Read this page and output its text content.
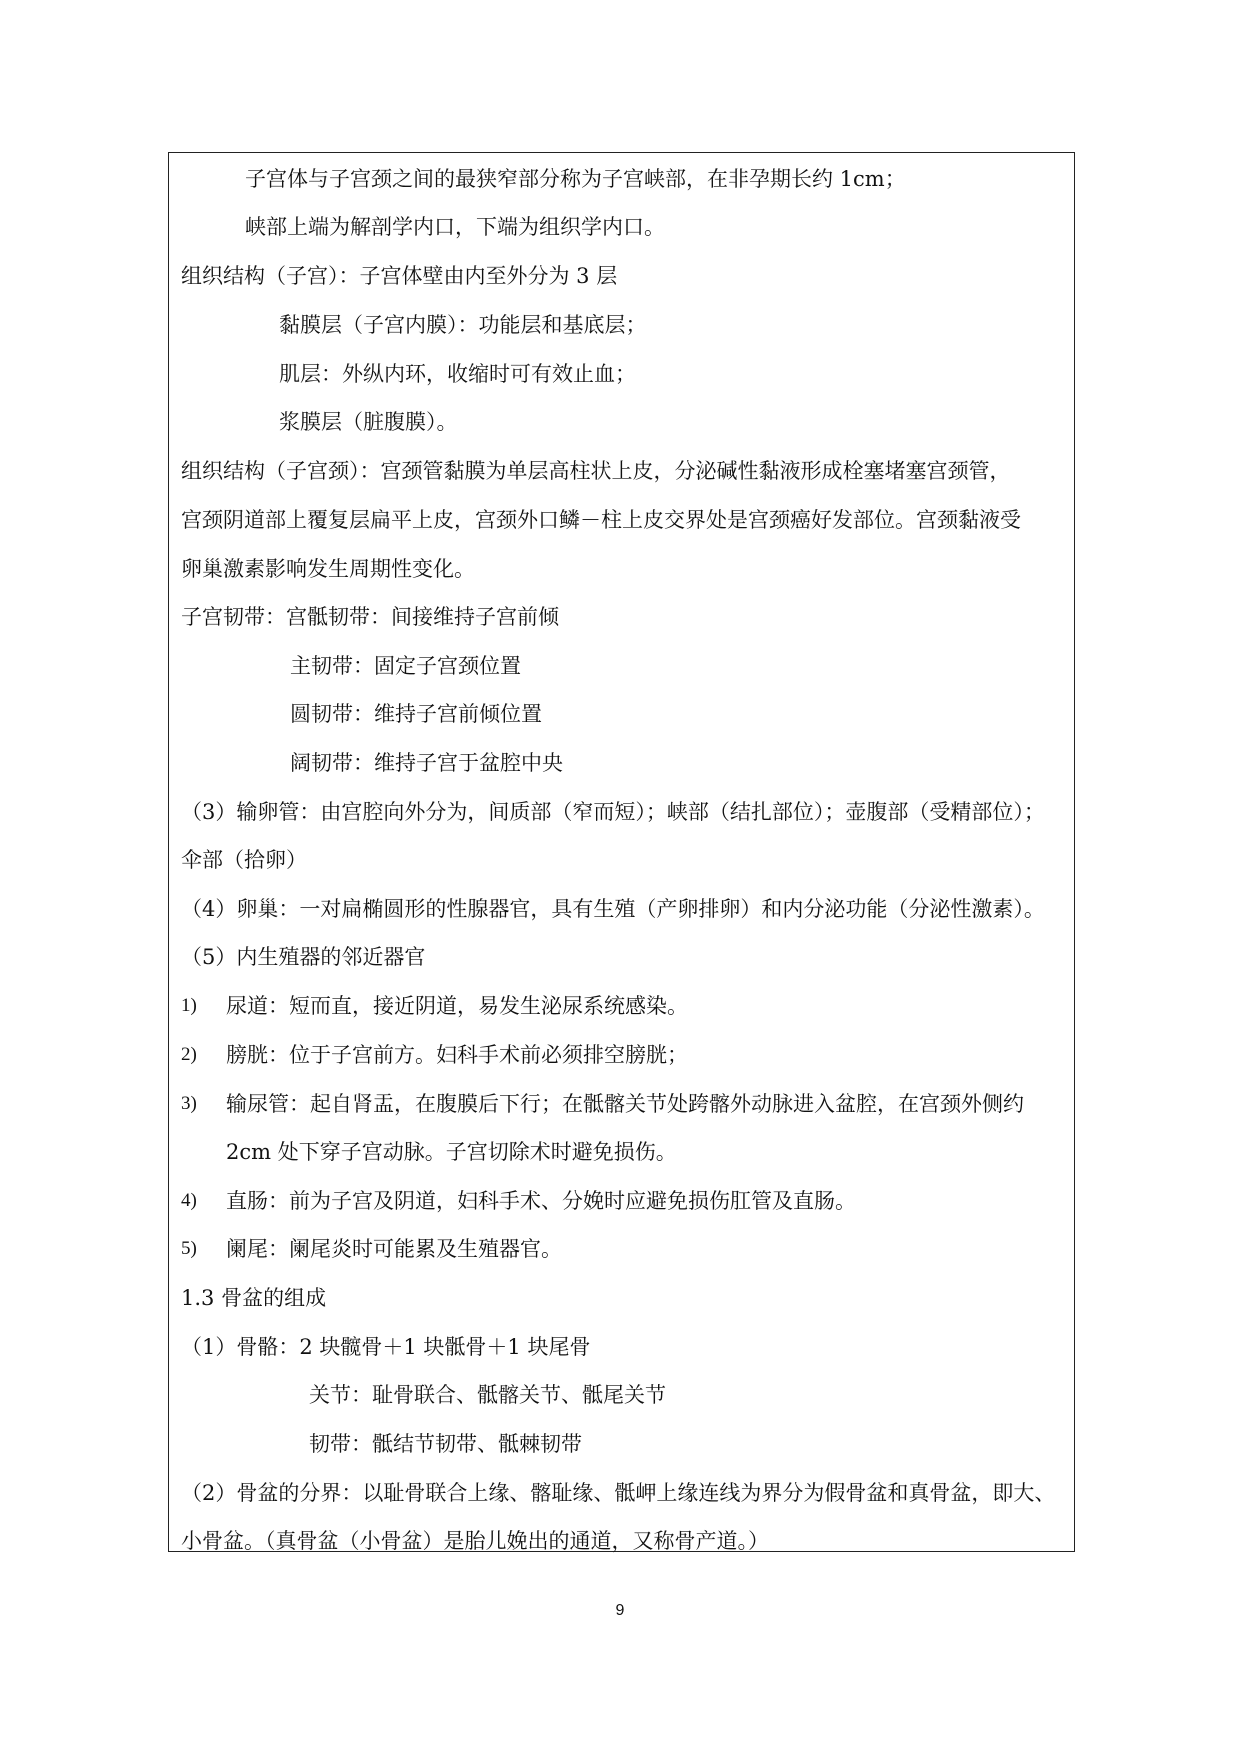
子宫体与子宫颈之间的最狭窄部分称为子宫峡部，在非孕期长约 1cm；
峡部上端为解剖学内口，下端为组织学内口。
组织结构（子宫）：子宫体壁由内至外分为 3 层
黏膜层（子宫内膜）：功能层和基底层；
肌层：外纵内环，收缩时可有效止血；
浆膜层（脏腹膜）。
组织结构（子宫颈）：宫颈管黏膜为单层高柱状上皮，分泌碱性黏液形成栓塞堵塞宫颈管，
宫颈阴道部上覆复层扁平上皮，宫颈外口鳞－柱上皮交界处是宫颈癌好发部位。宫颈黏液受
卵巢激素影响发生周期性变化。
子宫韧带：宫骶韧带：间接维持子宫前倾
主韧带：固定子宫颈位置
圆韧带：维持子宫前倾位置
阔韧带：维持子宫于盆腔中央
（3）输卵管：由宫腔向外分为，间质部（窄而短）；峡部（结扎部位）；壶腹部（受精部位）；
伞部（拾卵）
（4）卵巢：一对扁椭圆形的性腺器官，具有生殖（产卵排卵）和内分泌功能（分泌性激素）。
（5）内生殖器的邻近器官
1) 尿道：短而直，接近阴道，易发生泌尿系统感染。
2) 膀胱：位于子宫前方。妇科手术前必须排空膀胱；
3) 输尿管：起自肾盂，在腹膜后下行；在骶髂关节处跨髂外动脉进入盆腔，在宫颈外侧约
2cm 处下穿子宫动脉。子宫切除术时避免损伤。
4) 直肠：前为子宫及阴道，妇科手术、分娩时应避免损伤肛管及直肠。
5) 阑尾：阑尾炎时可能累及生殖器官。
1.3 骨盆的组成
（1）骨骼：2 块髋骨＋1 块骶骨＋1 块尾骨
关节：耻骨联合、骶髂关节、骶尾关节
韧带：骶结节韧带、骶棘韧带
（2）骨盆的分界：以耻骨联合上缘、髂耻缘、骶岬上缘连线为界分为假骨盆和真骨盆，即大、
小骨盆。（真骨盆（小骨盆）是胎儿娩出的通道，又称骨产道。）
9
